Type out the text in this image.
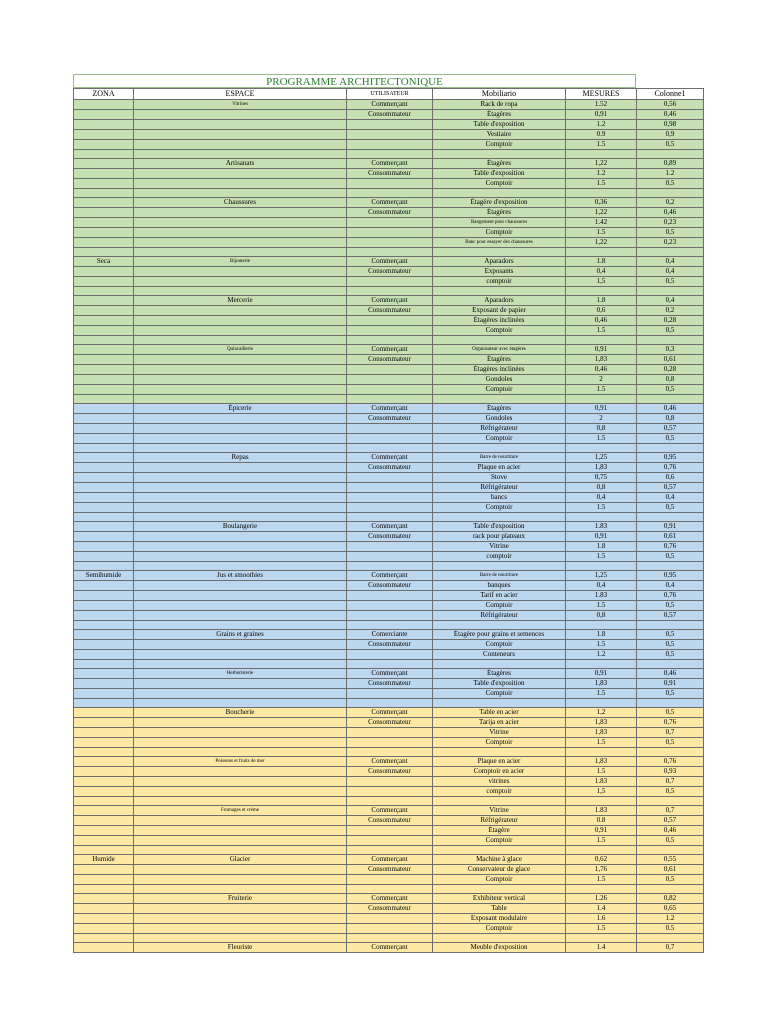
PROGRAMME ARCHITECTONIQUE
ZONA	ESPACE	UTILISATEUR	Mobiliario	MESURES	Colonne1
	Vitrines	Commerçant	Rack de ropa	1.52	0,56
		Consommateur	Étagères	0,91	0,46
			Table d'exposition	1.2	0,98
			Vestiaire	0.9	0,9
			Comptoir	1.5	0,5

	Artisanats	Commerçant	Étagères	1,22	0,89
		Consommateur	Table d'exposition	1.2	1.2
			Comptoir	1.5	0,5

	Chaussures	Commerçant	Étagère d'exposition	0,36	0,2
		Consommateur	Étagères	1,22	0,46
			Rangement pour chaussures	1.42	0,23
			Comptoir	1.5	0,5
			Banc pour essayer des chaussures	1,22	0,23

Seca	Bijouterie	Commerçant	Aparadors	1.8	0,4
		Consommateur	Exposants	0,4	0,4
			comptoir	1,5	0,5

	Mercerie	Commerçant	Aparadors	1.8	0,4
		Consommateur	Exposant de papier	0,6	0,2
			Étagères inclinées	0,46	0,28
			Comptoir	1.5	0,5

	Quincaillerie	Commerçant	Organisateur avec étagères	0,91	0,3
		Consommateur	Étagères	1,83	0,61
			Étagères inclinées	0,46	0,28
			Gondoles	2	0,8
			Comptoir	1.5	0,5

	Épicerie	Commerçant	Étagères	0,91	0,46
		Consommateur	Gondoles	2	0,8
			Réfrigérateur	0,8	0,57
			Comptoir	1.5	0,5

	Repas	Commerçant	Barre de nourriture	1,25	0,95
		Consommateur	Plaque en acier	1,83	0,76
			Stove	0,75	0,6
			Réfrigérateur	0,8	0,57
			bancs	0,4	0,4
			Comptoir	1.5	0,5

	Boulangerie	Commerçant	Table d'exposition	1.83	0,91
		Consommateur	rack pour plateaux	0,91	0,61
			Vitrine	1.8	0,76
			comptoir	1.5	0,5

Semihumide	Jus et smoothies	Commerçant	Barre de nourriture	1,25	0,95
		Consommateur	banques	0,4	0,4
			Tarif en acier	1.83	0,76
			Comptoir	1.5	0,5
			Réfrigérateur	0,8	0,57

	Grains et graines	Comerciante	Étagère pour grains et semences	1.8	0,5
		Consommateur	Comptoir	1.5	0,5
			Conteneurs	1.2	0,5

	Herboristerie	Commerçant	Étagères	0,91	0,46
		Consommateur	Table d'exposition	1,83	0,91
			Comptoir	1.5	0,5

	Boucherie	Commerçant	Table en acier	1,2	0,5
		Consommateur	Tarija en acier	1,83	0,76
			Vitrine	1,83	0,7
			Comptoir	1.5	0,5

	Poissons et fruits de mer	Commerçant	Plaque en acier	1,83	0,76
		Consommateur	Comptoir en acier	1.5	0,93
			vitrines	1.83	0,7
			comptoir	1,5	0,5

	Fromages et crème	Commerçant	Vitrine	1.83	0,7
		Consommateur	Réfrigérateur	0.8	0,57
			Étagère	0,91	0,46
			Comptoir	1.5	0,5

Humide	Glacier	Commerçant	Machine à glace	0,62	0,55
		Consommateur	Conservateur de glace	1,76	0,61
			Comptoir	1.5	0,5

	Fruiterie	Commerçant	Exhibiteur vertical	1.26	0,82
		Consommateur	Table	1.4	0,65
			Exposant modulaire	1.6	1.2
			Comptoir	1.5	0.5

	Fleuriste	Commerçant	Meuble d'exposition	1.4	0,7
